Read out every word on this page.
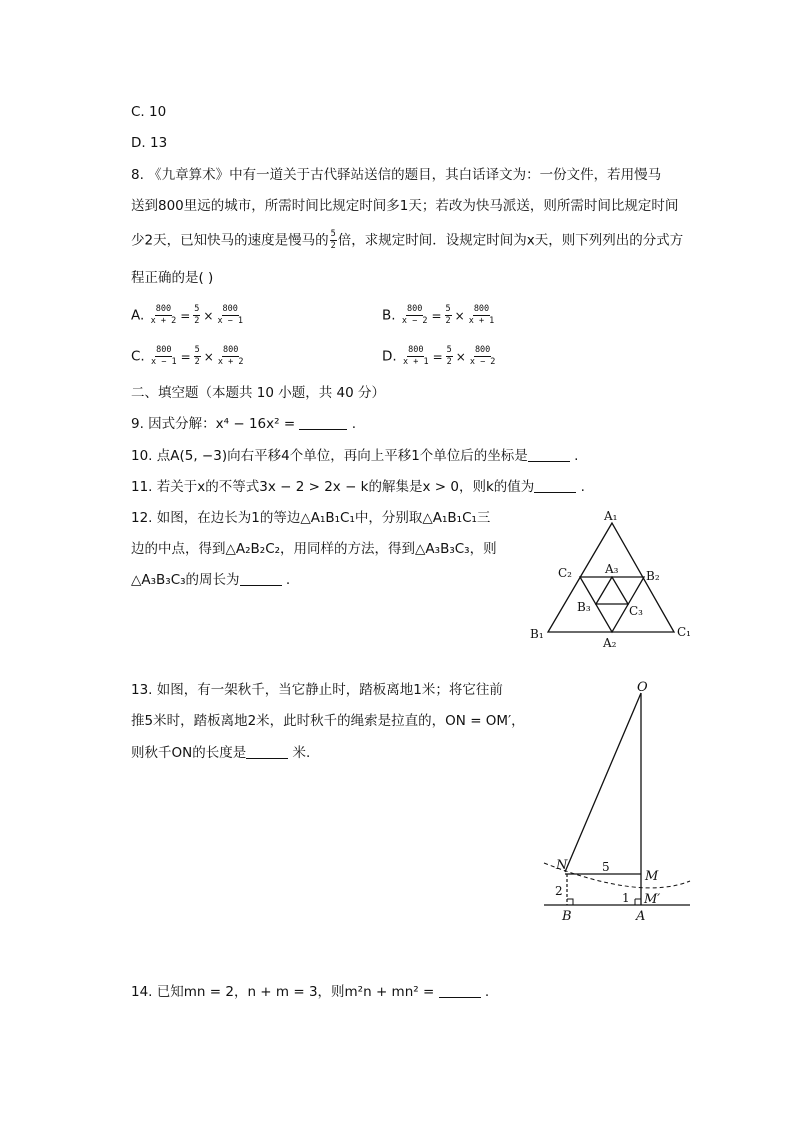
C. 10
D. 13
8. 《九章算术》中有一道关于古代驿站送信的题目，其白话译文为：一份文件，若用慢马
送到800里远的城市，所需时间比规定时间多1天；若改为快马派送，则所需时间比规定时间
少2天，已知快马的速度是慢马的 $\frac{5}{2}$ 倍，求规定时间．设规定时间为x天，则下列列出的分式方
程正确的是( )
A. $\frac{800}{x + 2} = \frac{5}{2} \times \frac{800}{x - 1}$	B. $\frac{800}{x - 2} = \frac{5}{2} \times \frac{800}{x + 1}$
C. $\frac{800}{x - 1} = \frac{5}{2} \times \frac{800}{x + 2}$	D. $\frac{800}{x + 1} = \frac{5}{2} \times \frac{800}{x - 2}$
二、填空题（本题共 10 小题，共 40 分）
9. 因式分解：x⁴ − 16x² =	.
10. 点A(5, −3)向右平移4个单位，再向上平移1个单位后的坐标是	.
11. 若关于x的不等式3x − 2 > 2x − k的解集是x > 0，则k的值为	.
12. 如图，在边长为1的等边△A₁B₁C₁中，分别取△A₁B₁C₁三
边的中点，得到△A₂B₂C₂，用同样的方法，得到△A₃B₃C₃，则
△A₃B₃C₃的周长为	.
A₁
A₂
A₃
B₁
B₂
B₃
C₁
C₂
C₃
13. 如图，有一架秋千，当它静止时，踏板离地1米；将它往前
推5米时，踏板离地2米，此时秋千的绳索是拉直的，ON = OM′，
则秋千ON的长度是	米.
O
N
M
M′
B	A
5
2	1
14. 已知mn = 2，n + m = 3，则m²n + mn² =	.
